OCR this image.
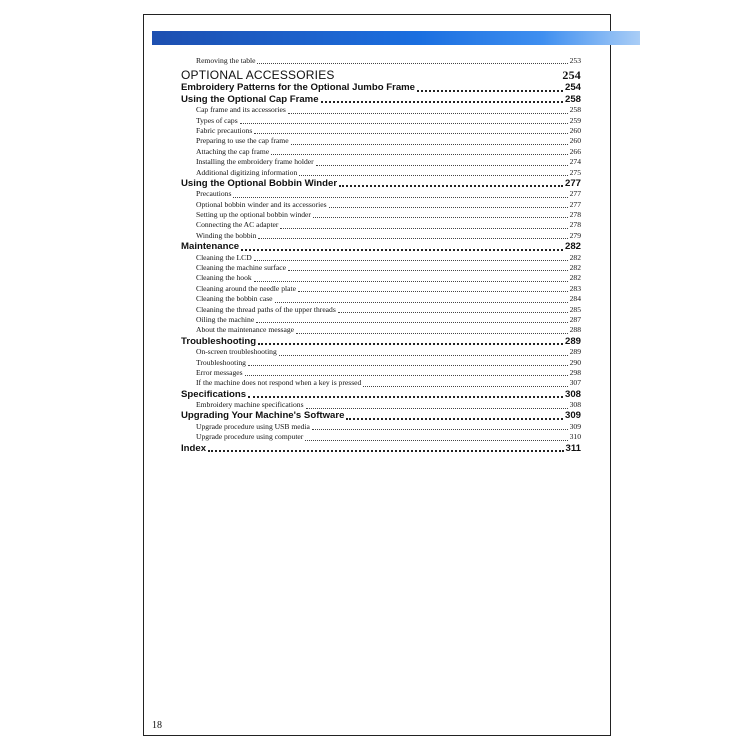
Removing the table	253
OPTIONAL ACCESSORIES	254
Embroidery Patterns for the Optional Jumbo Frame	254
Using the Optional Cap Frame	258
Cap frame and its accessories	258
Types of caps	259
Fabric precautions	260
Preparing to use the cap frame	260
Attaching the cap frame	266
Installing the embroidery frame holder	274
Additional digitizing information	275
Using the Optional Bobbin Winder	277
Precautions	277
Optional bobbin winder and its accessories	277
Setting up the optional bobbin winder	278
Connecting the AC adapter	278
Winding the bobbin	279
Maintenance	282
Cleaning the LCD	282
Cleaning the machine surface	282
Cleaning the hook	282
Cleaning around the needle plate	283
Cleaning the bobbin case	284
Cleaning the thread paths of the upper threads	285
Oiling the machine	287
About the maintenance message	288
Troubleshooting	289
On-screen troubleshooting	289
Troubleshooting	290
Error messages	298
If the machine does not respond when a key is pressed	307
Specifications	308
Embroidery machine specifications	308
Upgrading Your Machine's Software	309
Upgrade procedure using USB media	309
Upgrade procedure using computer	310
Index	311
18
